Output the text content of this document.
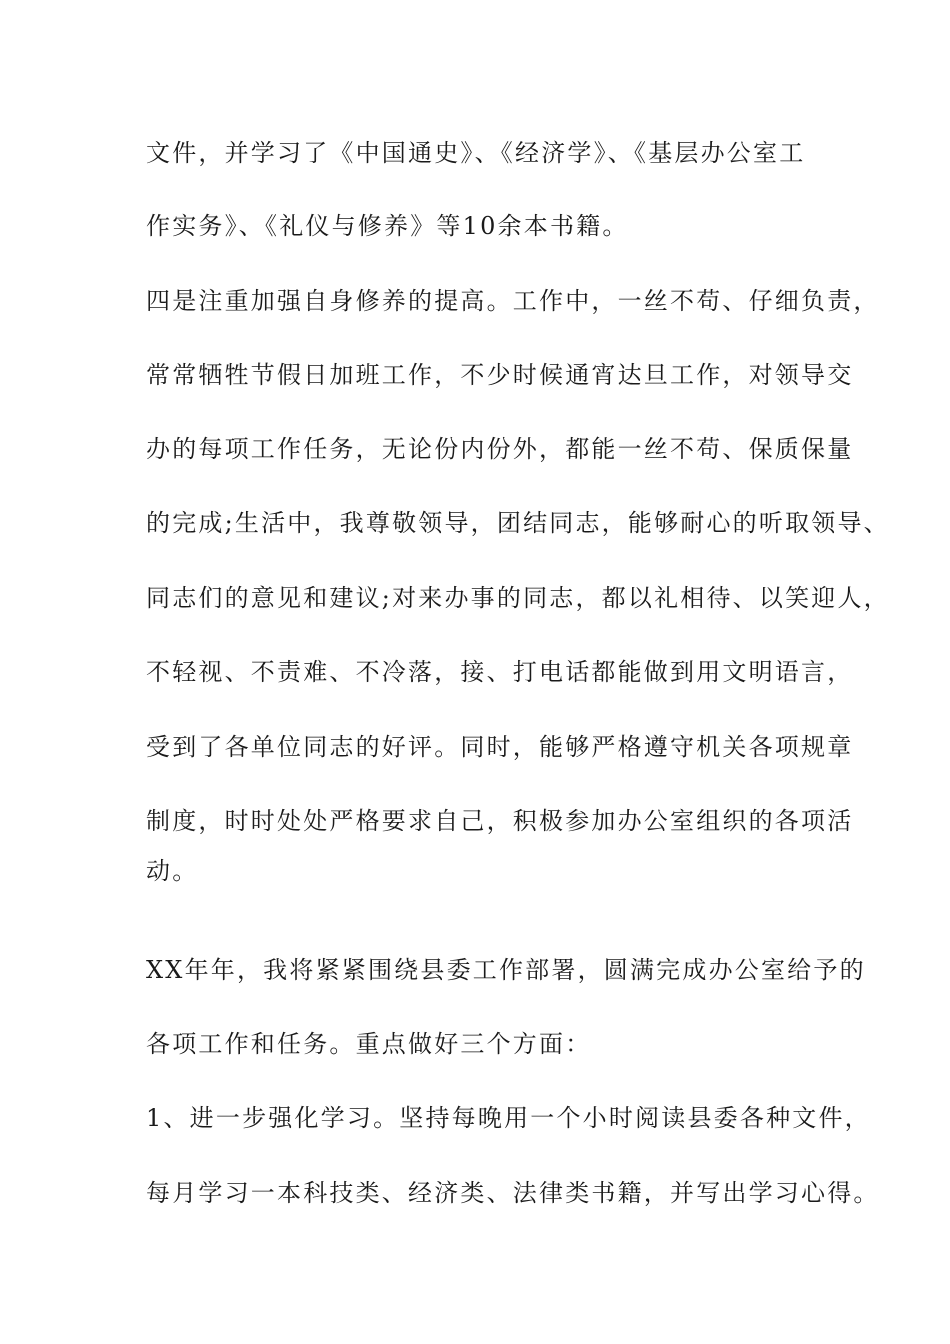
文件，并学习了《中国通史》、《经济学》、《基层办公室工
作实务》、《礼仪与修养》等10余本书籍。
四是注重加强自身修养的提高。工作中，一丝不苟、仔细负责，
常常牺牲节假日加班工作，不少时候通宵达旦工作，对领导交
办的每项工作任务，无论份内份外，都能一丝不苟、保质保量
的完成;生活中，我尊敬领导，团结同志，能够耐心的听取领导、
同志们的意见和建议;对来办事的同志，都以礼相待、以笑迎人，
不轻视、不责难、不冷落，接、打电话都能做到用文明语言，
受到了各单位同志的好评。同时，能够严格遵守机关各项规章
制度，时时处处严格要求自己，积极参加办公室组织的各项活
动。
XX年年，我将紧紧围绕县委工作部署，圆满完成办公室给予的
各项工作和任务。重点做好三个方面：
1、进一步强化学习。坚持每晚用一个小时阅读县委各种文件，
每月学习一本科技类、经济类、法律类书籍，并写出学习心得。
